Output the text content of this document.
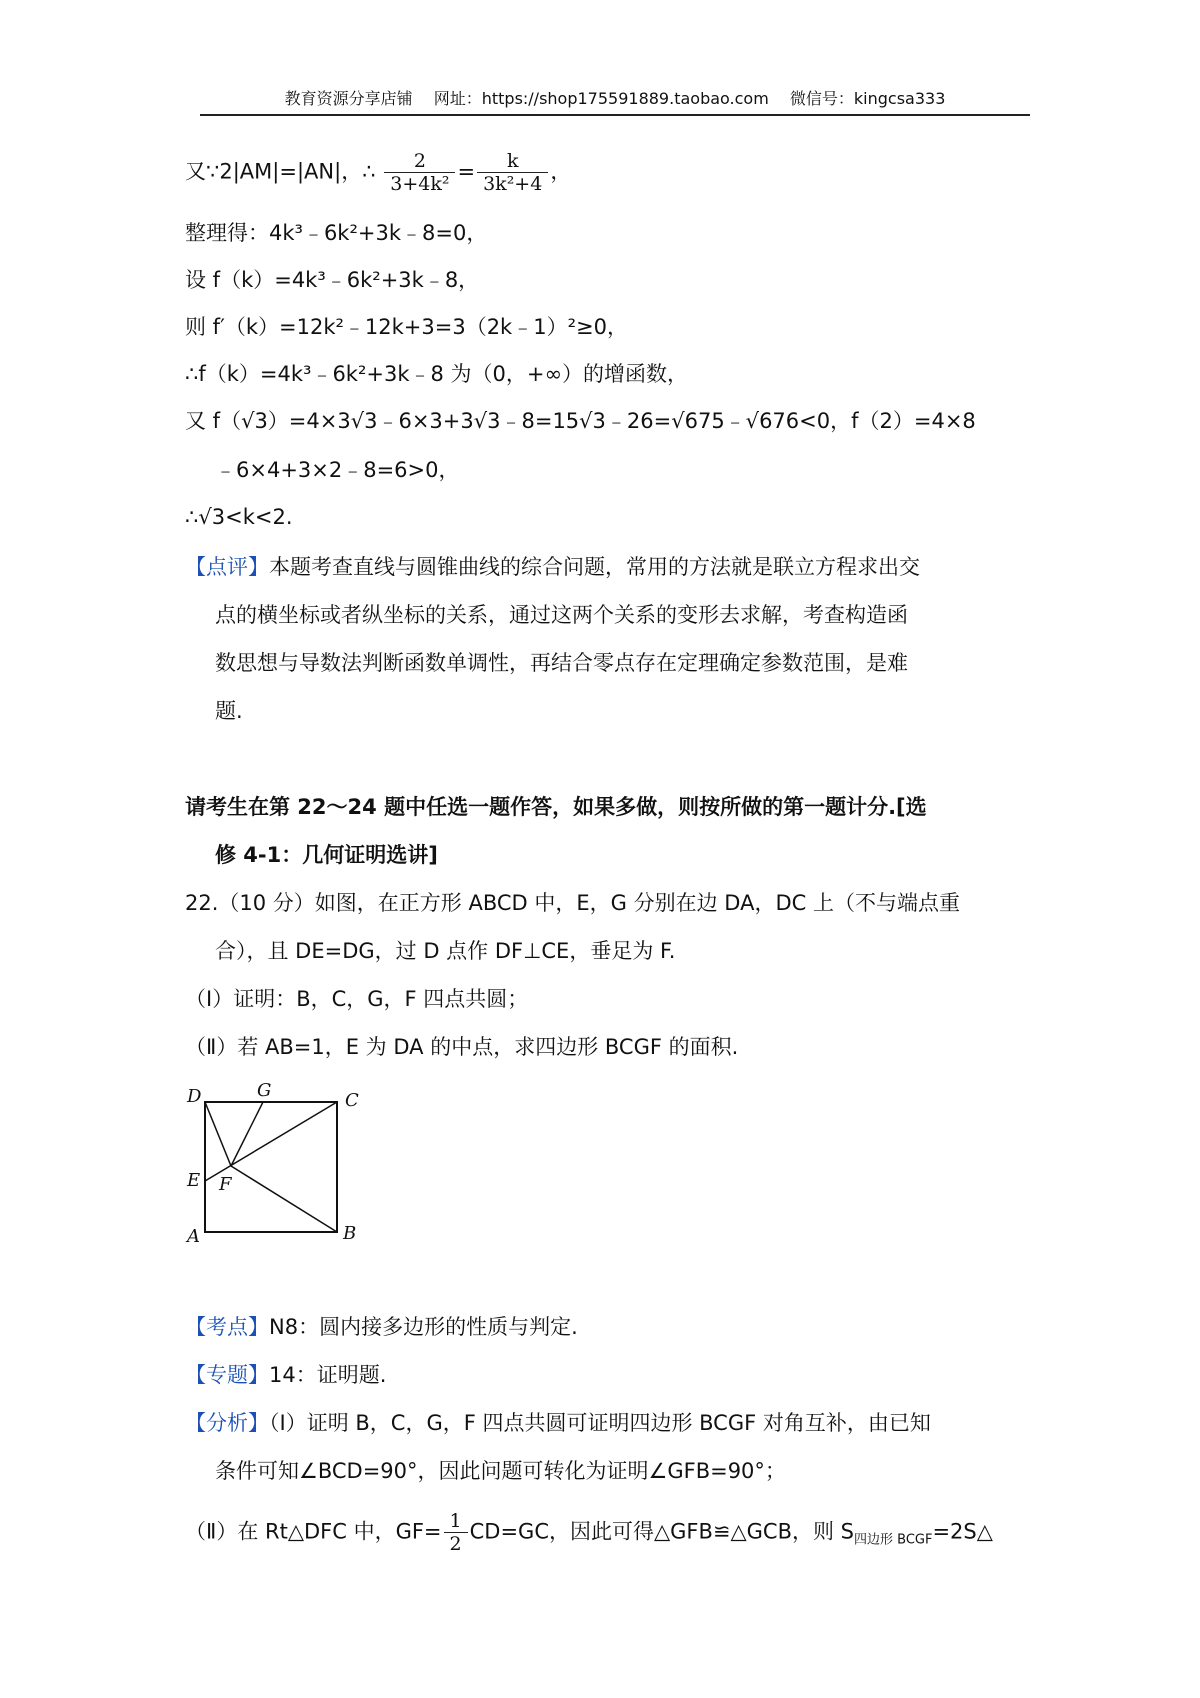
教育资源分享店铺 网址：https://shop175591889.taobao.com 微信号：kingcsa333
又∵2|AM|=|AN|，∴ $\frac{2}{\text{3+4k²}} = \frac{k}{\text{3k²+4}}$ ，
整理得：4k³﹣6k²+3k﹣8=0，
设 f（k）=4k³﹣6k²+3k﹣8，
则 f′（k）=12k²﹣12k+3=3（2k﹣1）²≥0，
∴f（k）=4k³﹣6k²+3k﹣8 为（0，+∞）的增函数，
又 f（√3）=4×3√3﹣6×3+3√3﹣8=15√3﹣26=√675﹣√676<0，f（2）=4×8
﹣6×4+3×2﹣8=6>0，
∴√3<k<2.
【点评】本题考查直线与圆锥曲线的综合问题，常用的方法就是联立方程求出交
点的横坐标或者纵坐标的关系，通过这两个关系的变形去求解，考查构造函
数思想与导数法判断函数单调性，再结合零点存在定理确定参数范围，是难
题.
请考生在第 22～24 题中任选一题作答，如果多做，则按所做的第一题计分.[选
修 4-1：几何证明选讲]
22.（10 分）如图，在正方形 ABCD 中，E，G 分别在边 DA，DC 上（不与端点重
合），且 DE=DG，过 D 点作 DF⊥CE，垂足为 F.
（Ⅰ）证明：B，C，G，F 四点共圆；
（Ⅱ）若 AB=1，E 为 DA 的中点，求四边形 BCGF 的面积.
D	G	C
E F
A	B
【考点】N8：圆内接多边形的性质与判定.
【专题】14：证明题.
【分析】（Ⅰ）证明 B，C，G，F 四点共圆可证明四边形 BCGF 对角互补，由已知
条件可知∠BCD=90°，因此问题可转化为证明∠GFB=90°；
（Ⅱ）在 Rt△DFC 中，$GF= \frac{1}{2} CD=GC$，因此可得△GFB≌△GCB，则 $S_{四边形 BCGF}=2S\triangle$
